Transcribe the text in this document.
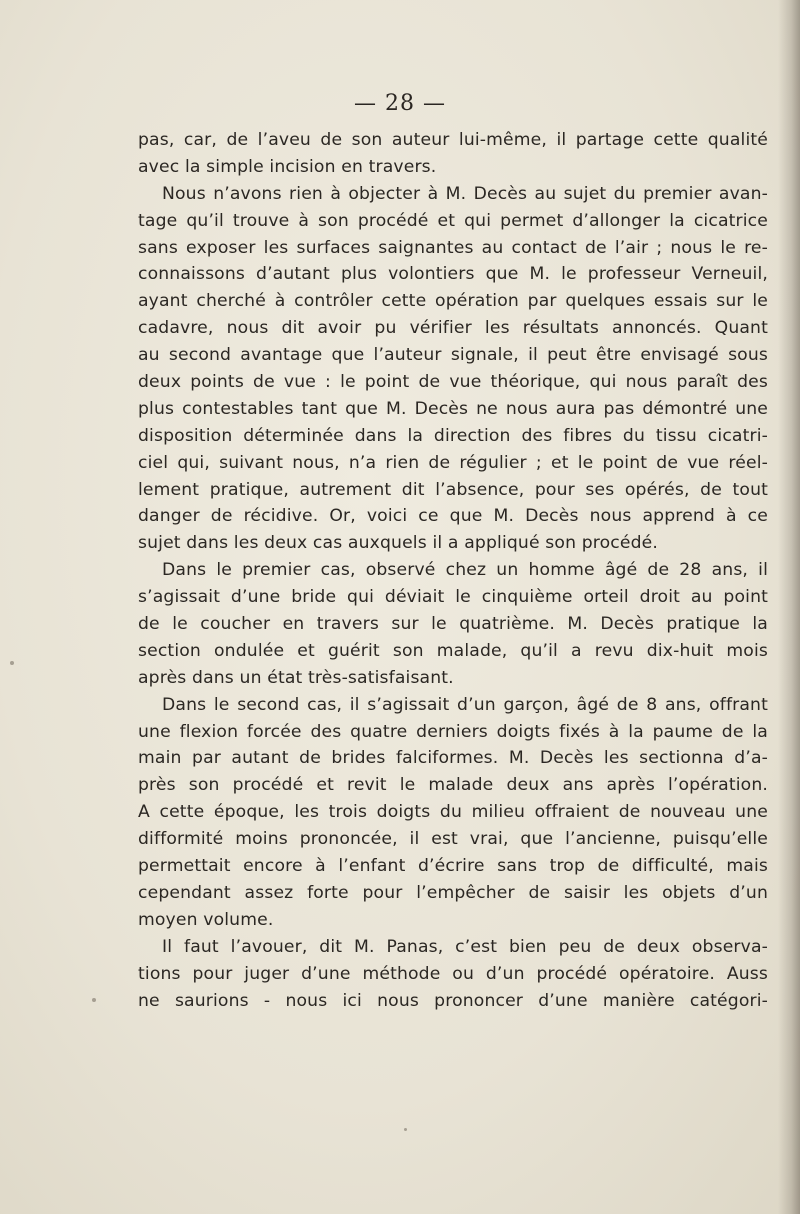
— 28 —

pas, car, de l’aveu de son auteur lui-même, il partage cette qualité
avec la simple incision en travers.
Nous n’avons rien à objecter à M. Decès au sujet du premier avan-
tage qu’il trouve à son procédé et qui permet d’allonger la cicatrice
sans exposer les surfaces saignantes au contact de l’air ; nous le re-
connaissons d’autant plus volontiers que M. le professeur Verneuil,
ayant cherché à contrôler cette opération par quelques essais sur le
cadavre, nous dit avoir pu vérifier les résultats annoncés. Quant
au second avantage que l’auteur signale, il peut être envisagé sous
deux points de vue : le point de vue théorique, qui nous paraît des
plus contestables tant que M. Decès ne nous aura pas démontré une
disposition déterminée dans la direction des fibres du tissu cicatri-
ciel qui, suivant nous, n’a rien de régulier ; et le point de vue réel-
lement pratique, autrement dit l’absence, pour ses opérés, de tout
danger de récidive. Or, voici ce que M. Decès nous apprend à ce
sujet dans les deux cas auxquels il a appliqué son procédé.
Dans le premier cas, observé chez un homme âgé de 28 ans, il
s’agissait d’une bride qui déviait le cinquième orteil droit au point
de le coucher en travers sur le quatrième. M. Decès pratique la
section ondulée et guérit son malade, qu’il a revu dix-huit mois
après dans un état très-satisfaisant.
Dans le second cas, il s’agissait d’un garçon, âgé de 8 ans, offrant
une flexion forcée des quatre derniers doigts fixés à la paume de la
main par autant de brides falciformes. M. Decès les sectionna d’a-
près son procédé et revit le malade deux ans après l’opération.
A cette époque, les trois doigts du milieu offraient de nouveau une
difformité moins prononcée, il est vrai, que l’ancienne, puisqu’elle
permettait encore à l’enfant d’écrire sans trop de difficulté, mais
cependant assez forte pour l’empêcher de saisir les objets d’un
moyen volume.
Il faut l’avouer, dit M. Panas, c’est bien peu de deux observa-
tions pour juger d’une méthode ou d’un procédé opératoire. Auss
ne saurions - nous ici nous prononcer d’une manière catégori-
